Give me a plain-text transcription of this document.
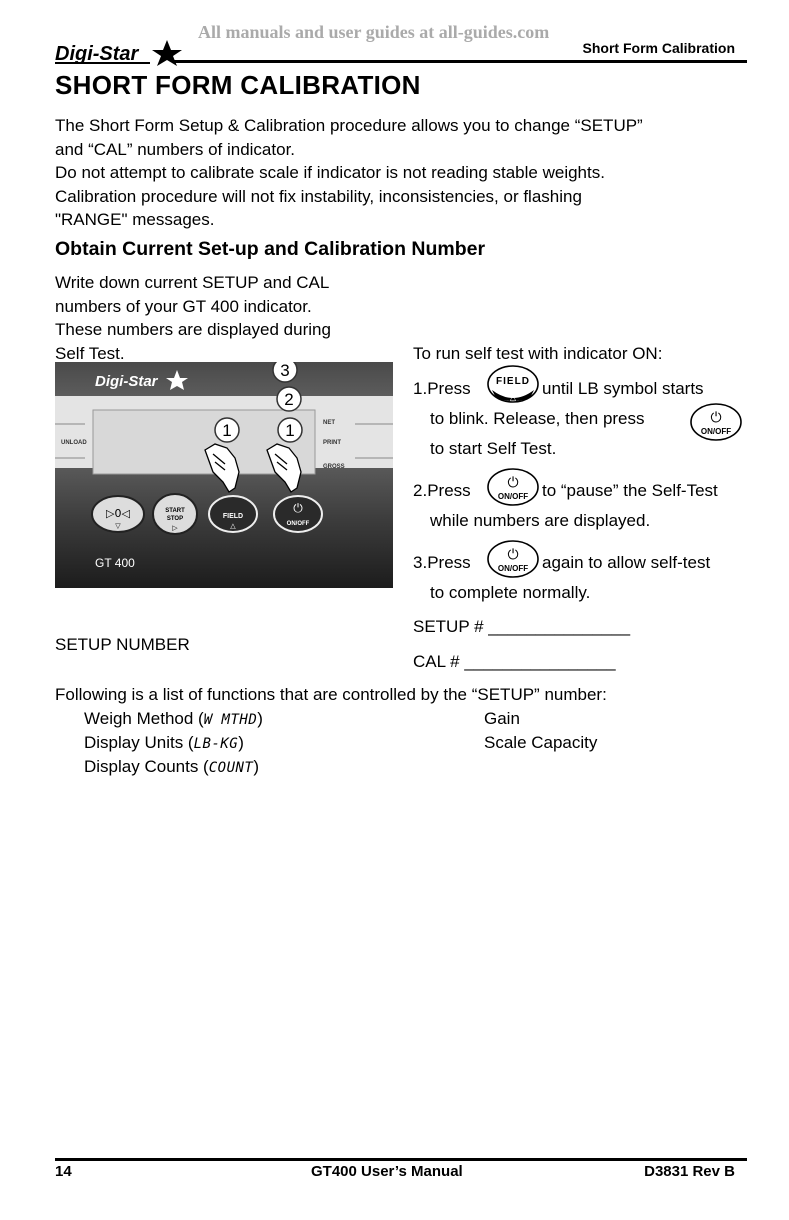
All manuals and user guides at all-guides.com
Digi-Star	Short Form Calibration
SHORT FORM CALIBRATION
The Short Form Setup & Calibration procedure allows you to change “SETUP”
and “CAL” numbers of indicator.
Do not attempt to calibrate scale if indicator is not reading stable weights.
Calibration procedure will not fix instability, inconsistencies, or flashing
"RANGE" messages.
Obtain Current Set-up and Calibration Number
Write down current SETUP and CAL
numbers of your GT 400 indicator.
These numbers are displayed during
Self Test.
Digi-Star
UNLOAD
NET
PRINT
GROSS
3
2
1	1
▷0◁
▽
START
STOP
▷
FIELD
△
⏻
ON/OFF
GT 400
To run self test with indicator ON:
1.Press	FIELD
△ until LB symbol starts
to blink. Release, then press	⏻
ON/OFF
to start Self Test.
2.Press	⏻
ON/OFF to “pause” the Self-Test
while numbers are displayed.
3.Press	⏻
ON/OFF again to allow self-test
to complete normally.
SETUP # _______________
CAL # ________________
SETUP NUMBER
Following is a list of functions that are controlled by the “SETUP” number:
Weigh Method (W MTHD)
Display Units (LB-KG)
Display Counts (COUNT)
Gain
Scale Capacity
14	GT400 User’s Manual	D3831 Rev B
